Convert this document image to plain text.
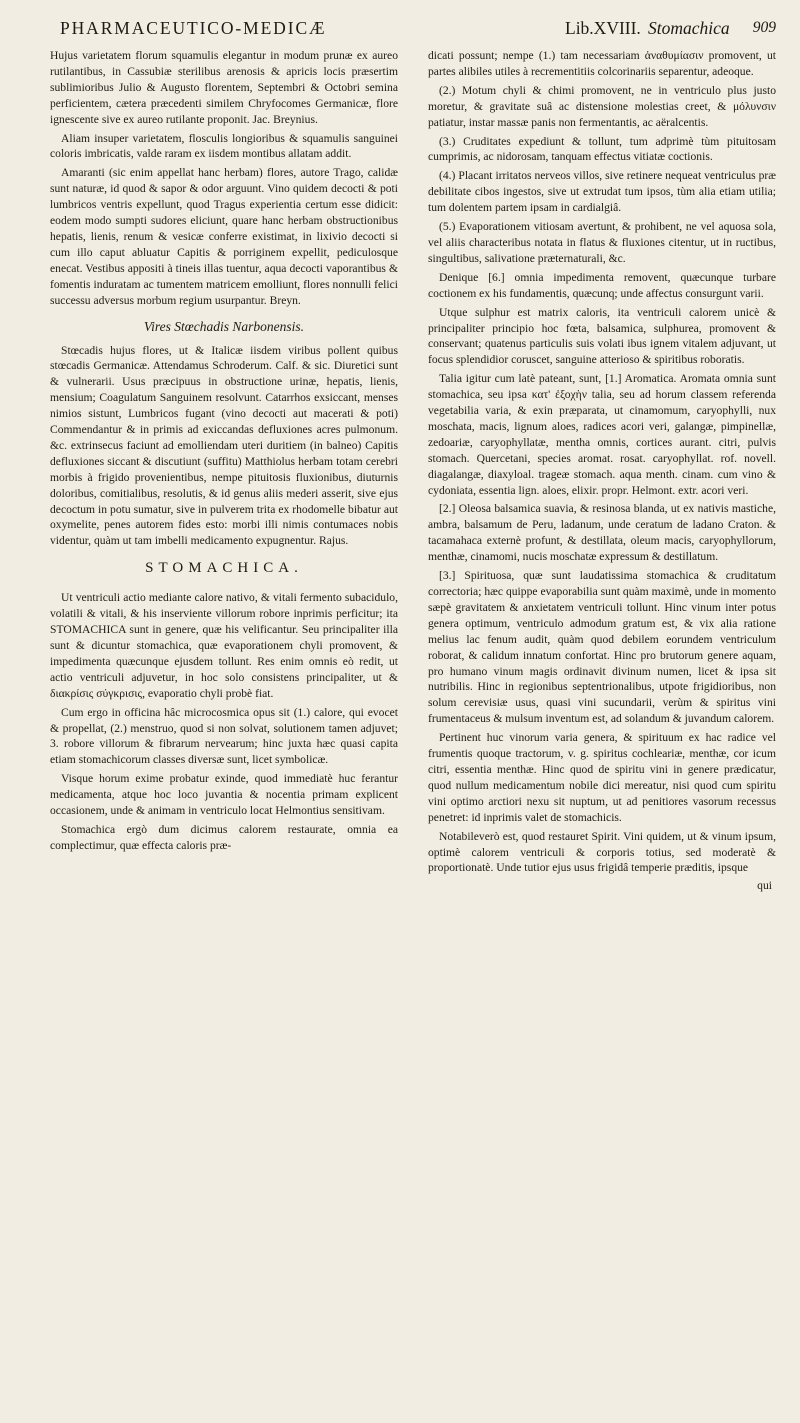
PHARMACEUTICO-MEDICÆ	Lib.XVIII. Stomachica 909

Hujus varietatem florum squamulis elegantur in modum prunæ ex aureo rutilantibus, in Cassubiæ sterilibus arenosis & apricis locis præsertim sublimioribus Julio & Augusto florentem, Septembri & Octobri semina perficientem, cætera præcedenti similem Chryfocomes Germanicæ, flore ignescente sive ex aureo rutilante proponit. Jac. Breynius.

Aliam insuper varietatem, flosculis longioribus & squamulis sanguinei coloris imbricatis, valde raram ex iisdem montibus allatam addit.

Amaranti (sic enim appellat hanc herbam) flores, autore Trago, calidæ sunt naturæ, id quod & sapor & odor arguunt. Vino quidem decocti & poti lumbricos ventris expellunt, quod Tragus experientia certum esse didicit: eodem modo sumpti sudores eliciunt, quare hanc herbam obstructionibus hepatis, lienis, renum & vesicæ conferre existimat, in lixivio decocti si cum illo caput abluatur Capitis & porriginem expellit, pediculosque enecat. Vestibus appositi à tineis illas tuentur, aqua decocti vaporantibus & fomentis induratam ac tumentem matricem emolliunt, flores nonnulli felici successu adversus morbum regium usurpantur. Breyn.

Vires Stœchadis Narbonensis.

Stœcadis hujus flores, ut & Italicæ iisdem viribus pollent quibus stœcadis Germanicæ. Attendamus Schroderum. Calf. & sic. Diuretici sunt & vulnerarii. Usus præcipuus in obstructione urinæ, hepatis, lienis, mensium; Coagulatum Sanguinem resolvunt. Catarrhos exsiccant, menses nimios sistunt, Lumbricos fugant (vino decocti aut macerati & poti) Commendantur & in primis ad exiccandas defluxiones acres pulmonum. &c. extrinsecus faciunt ad emolliendam uteri duritiem (in balneo) Capitis defluxiones siccant & discutiunt (suffitu) Matthiolus herbam totam cerebri morbis à frigido provenientibus, nempe pituitosis fluxionibus, diuturnis doloribus, comitialibus, resolutis, & id genus aliis mederi asserit, sive ejus decoctum in potu sumatur, sive in pulverem trita ex rhodomelle bibatur aut oxymelite, penes autorem fides esto: morbi illi nimis contumaces nobis videntur, quàm ut tam imbelli medicamento expugnentur. Rajus.

STOMACHICA.

Ut ventriculi actio mediante calore nativo, & vitali fermento subacidulo, volatili & vitali, & his inserviente villorum robore inprimis perficitur; ita STOMACHICA sunt in genere, quæ his velificantur. Seu principaliter illa sunt & dicuntur stomachica, quæ evaporationem chyli promovent, & impedimenta quæcunque ejusdem tollunt. Res enim omnis eò redit, ut actio ventriculi adjuvetur, in hoc solo consistens principaliter, ut & διακρίσις σύγκρισις, evaporatio chyli probè fiat.

Cum ergo in officina hâc microcosmica opus sit (1.) calore, qui evocet & propellat, (2.) menstruo, quod si non solvat, solutionem tamen adjuvet; 3. robore villorum & fibrarum nervearum; hinc juxta hæc quasi capita etiam stomachicorum classes diversæ sunt, licet symbolicæ.

Visque horum exime probatur exinde, quod immediatè huc ferantur medicamenta, atque hoc loco juvantia & nocentia primam explicent occasionem, unde & animam in ventriculo locat Helmontius sensitivam.

Stomachica ergò dum dicimus calorem restaurate, omnia ea complectimur, quæ effecta caloris præ-

dicati possunt; nempe (1.) tam necessariam ἀναθυμίασιν promovent, ut partes alibiles utiles à recrementitiis colcorinariis separentur, adeoque.

(2.) Motum chyli & chimi promovent, ne in ventriculo plus justo moretur, & gravitate suâ ac distensione molestias creet, & μόλυνσιν patiatur, instar massæ panis non fermentantis, ac aëralcentis.

(3.) Cruditates expediunt & tollunt, tum adprimè tùm pituitosam cumprimis, ac nidorosam, tanquam effectus vitiatæ coctionis.

(4.) Placant irritatos nerveos villos, sive retinere nequeat ventriculus præ debilitate cibos ingestos, sive ut extrudat tum ipsos, tùm alia etiam utilia; tum dolentem partem ipsam in cardialgiâ.

(5.) Evaporationem vitiosam avertunt, & prohibent, ne vel aquosa sola, vel aliis characteribus notata in flatus & fluxiones citentur, ut in ructibus, singultibus, salivatione præternaturali, &c.

Denique [6.] omnia impedimenta removent, quæcunque turbare coctionem ex his fundamentis, quæcunq; unde affectus consurgunt varii.

Utque sulphur est matrix caloris, ita ventriculi calorem unicè & principaliter principio hoc fœta, balsamica, sulphurea, promovent & conservant; quatenus particulis suis volati ibus ignem vitalem adjuvant, ut focus splendidior coruscet, sanguine atterioso & spiritibus roboratis.

Talia igitur cum latè pateant, sunt, [1.] Aromatica. Aromata omnia sunt stomachica, seu ipsa κατ' ἐξοχὴν talia, seu ad horum classem referenda vegetabilia varia, & exin præparata, ut cinamomum, caryophylli, nux moschata, macis, lignum aloes, radices acori veri, galangæ, pimpinellæ, zedoariæ, caryophyllatæ, mentha omnis, cortices aurant. citri, pulvis stomach. Quercetani, species aromat. rosat. caryophyllat. rof. novell. diagalangæ, diaxyloal. trageæ stomach. aqua menth. cinam. cum vino & cydoniata, essentia lign. aloes, elixir. propr. Helmont. extr. acori veri.

[2.] Oleosa balsamica suavia, & resinosa blanda, ut ex nativis mastiche, ambra, balsamum de Peru, ladanum, unde ceratum de ladano Craton. & tacamahaca externè profunt, & destillata, oleum macis, caryophyllorum, menthæ, cinamomi, nucis moschatæ expressum & destillatum.

[3.] Spirituosa, quæ sunt laudatissima stomachica & cruditatum correctoria; hæc quippe evaporabilia sunt quàm maximè, unde in momento sæpè gravitatem & anxietatem ventriculi tollunt. Hinc vinum inter potus genera optimum, ventriculo admodum gratum est, & vix alia ratione melius lac fenum audit, quàm quod debilem eorundem ventriculum roborat, & calidum innatum confortat. Hinc pro brutorum genere aquam, pro humano vinum magis ordinavit divinum numen, licet & ipsa sit nutribilis. Hinc in regionibus septentrionalibus, utpote frigidioribus, non solum cerevisiæ usus, quasi vini sucundarii, verùm & spiritus vini frumentaceus & mulsum inventum est, ad solandum & juvandum calorem.

Pertinent huc vinorum varia genera, & spirituum ex hac radice vel frumentis quoque tractorum, v. g. spiritus cochleariæ, menthæ, cor icum citri, essentia menthæ. Hinc quod de spiritu vini in genere prædicatur, quod nullum medicamentum nobile dici mereatur, nisi quod cum spiritu vini optimo arctiori nexu sit nuptum, ut ad penitiores vasorum recessus penetret: id inprimis valet de stomachicis.

Notabileverò est, quod restauret Spirit. Vini quidem, ut & vinum ipsum, optimè calorem ventriculi & corporis totius, sed moderatè & proportionatè. Unde tutior ejus usus frigidâ temperie præditis, ipsque

qui
